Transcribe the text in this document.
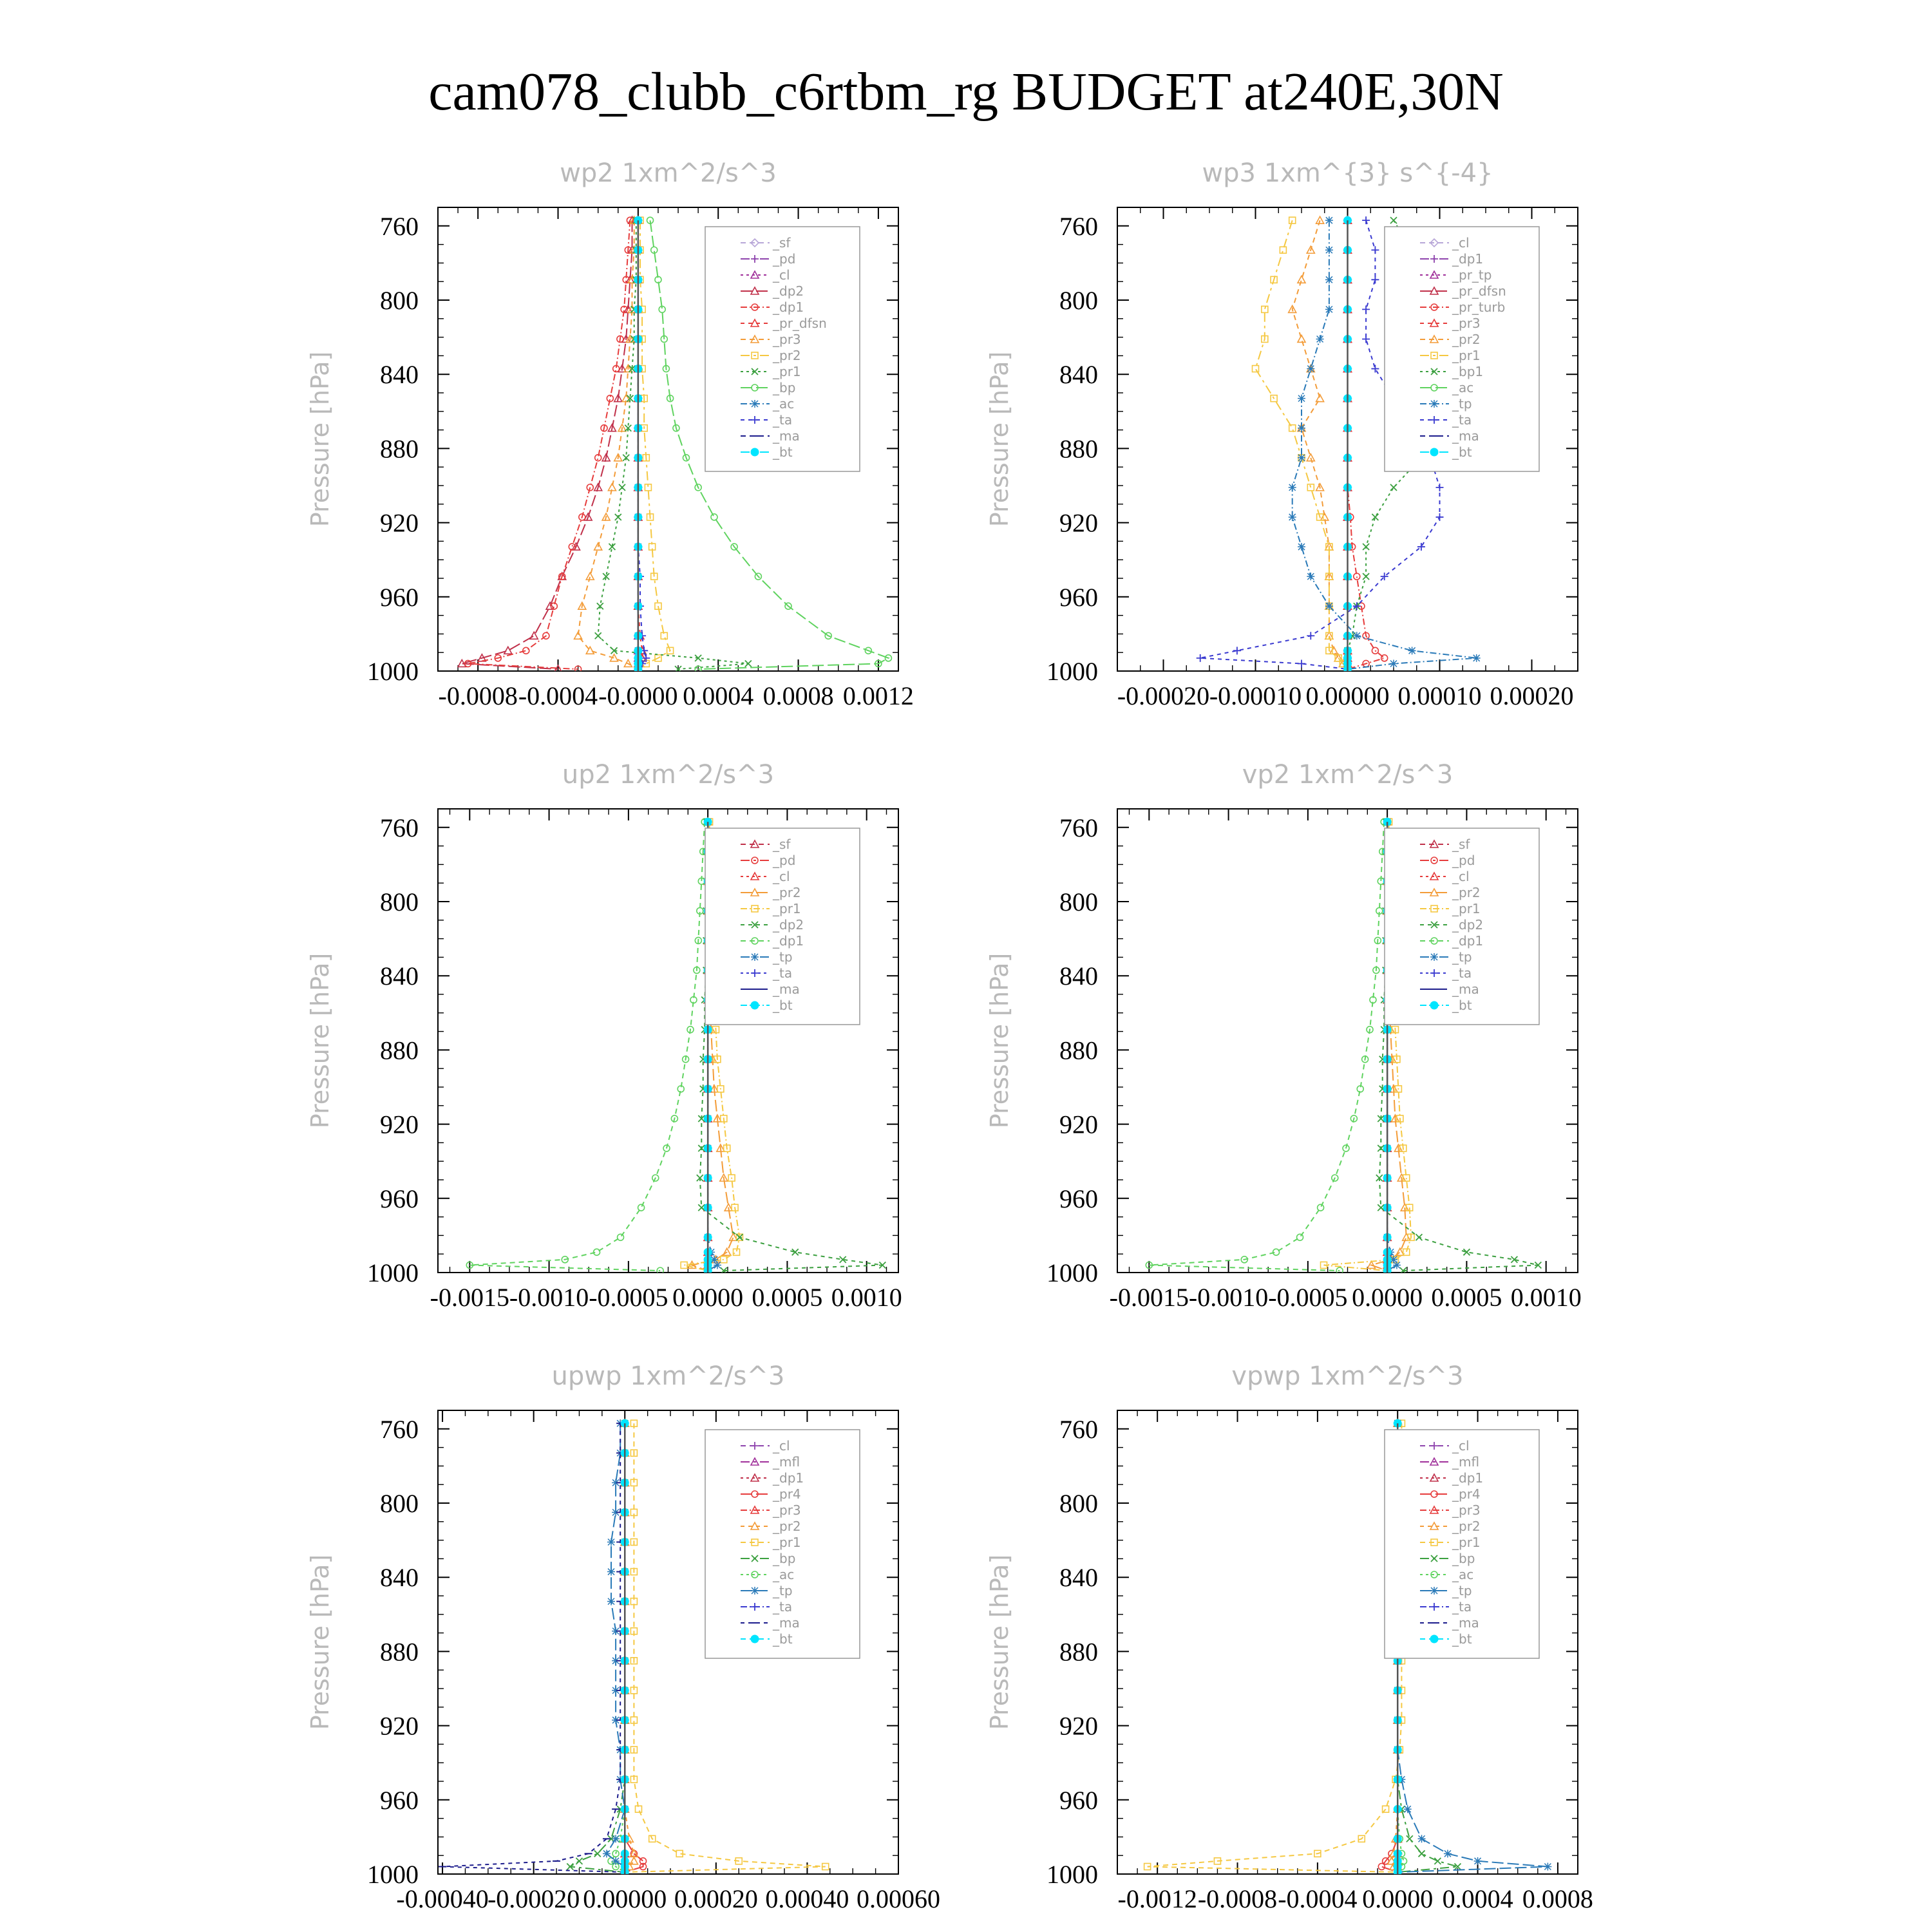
cam078_clubb_c6rtbm_rg BUDGET at240E,30N
-0.0008 -0.0004 -0.0000 0.0004 0.0008 0.0012
760
800
840
880
920
960
1000
wp2 1xm^2/s^3
Pressure [hPa]
_sf
_pd
_cl
_dp2
_dp1
_pr_dfsn
_pr3
_pr2
_pr1
_bp
_ac
_ta
_ma
_bt
-0.00020 -0.00010 0.00000 0.00010 0.00020
760
800
840
880
920
960
1000
wp3 1xm^{3} s^{-4}
Pressure [hPa]
_cl
_dp1
_pr_tp
_pr_dfsn
_pr_turb
_pr3
_pr2
_pr1
_bp1
_ac
_tp
_ta
_ma
_bt
-0.0015 -0.0010 -0.0005 0.0000 0.0005 0.0010
760
800
840
880
920
960
1000
up2 1xm^2/s^3
Pressure [hPa]
_sf
_pd
_cl
_pr2
_pr1
_dp2
_dp1
_tp
_ta
_ma
_bt
-0.0015 -0.0010 -0.0005 0.0000 0.0005 0.0010
760
800
840
880
920
960
1000
vp2 1xm^2/s^3
Pressure [hPa]
_sf
_pd
_cl
_pr2
_pr1
_dp2
_dp1
_tp
_ta
_ma
_bt
-0.00040
-0.00020 0.00000 0.00020 0.00040 0.00060
760
800
840
880
920
960
1000
upwp 1xm^2/s^3
Pressure [hPa]
_cl
_mfl
_dp1
_pr4
_pr3
_pr2
_pr1
_bp
_ac
_tp
_ta
_ma
_bt
-0.0012 -0.0008 -0.0004 0.0000 0.0004 0.0008
760
800
840
880
920
960
1000
vpwp 1xm^2/s^3
Pressure [hPa]
_cl
_mfl
_dp1
_pr4
_pr3
_pr2
_pr1
_bp
_ac
_tp
_ta
_ma
_bt
